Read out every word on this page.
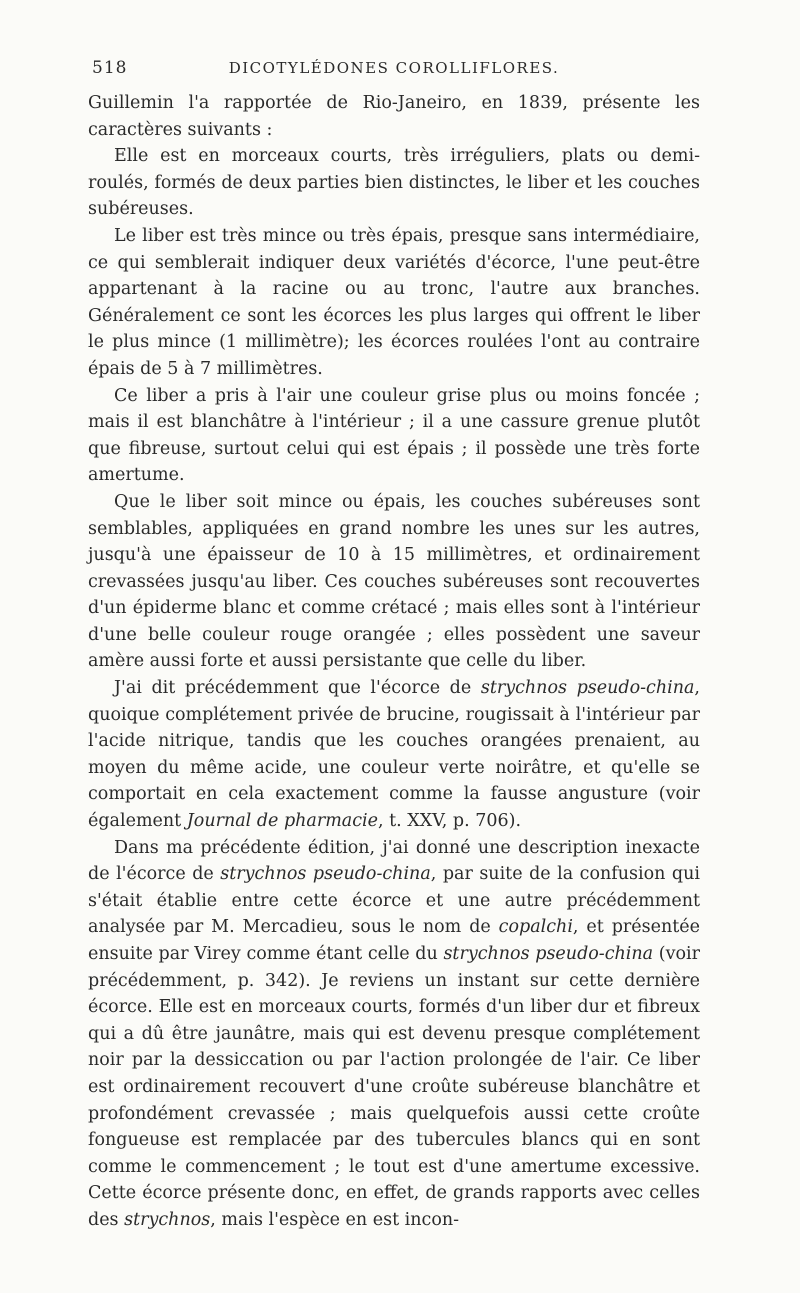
518	DICOTYLÉDONES COROLLIFLORES.

Guillemin l'a rapportée de Rio-Janeiro, en 1839, présente les caractères suivants :

Elle est en morceaux courts, très irréguliers, plats ou demi-roulés, formés de deux parties bien distinctes, le liber et les couches subéreuses.

Le liber est très mince ou très épais, presque sans intermédiaire, ce qui semblerait indiquer deux variétés d'écorce, l'une peut-être appartenant à la racine ou au tronc, l'autre aux branches. Généralement ce sont les écorces les plus larges qui offrent le liber le plus mince (1 millimètre); les écorces roulées l'ont au contraire épais de 5 à 7 millimètres.

Ce liber a pris à l'air une couleur grise plus ou moins foncée ; mais il est blanchâtre à l'intérieur ; il a une cassure grenue plutôt que fibreuse, surtout celui qui est épais ; il possède une très forte amertume.

Que le liber soit mince ou épais, les couches subéreuses sont semblables, appliquées en grand nombre les unes sur les autres, jusqu'à une épaisseur de 10 à 15 millimètres, et ordinairement crevassées jusqu'au liber. Ces couches subéreuses sont recouvertes d'un épiderme blanc et comme crétacé ; mais elles sont à l'intérieur d'une belle couleur rouge orangée ; elles possèdent une saveur amère aussi forte et aussi persistante que celle du liber.

J'ai dit précédemment que l'écorce de strychnos pseudo-china, quoique complétement privée de brucine, rougissait à l'intérieur par l'acide nitrique, tandis que les couches orangées prenaient, au moyen du même acide, une couleur verte noirâtre, et qu'elle se comportait en cela exactement comme la fausse angusture (voir également Journal de pharmacie, t. XXV, p. 706).

Dans ma précédente édition, j'ai donné une description inexacte de l'écorce de strychnos pseudo-china, par suite de la confusion qui s'était établie entre cette écorce et une autre précédemment analysée par M. Mercadieu, sous le nom de copalchi, et présentée ensuite par Virey comme étant celle du strychnos pseudo-china (voir précédemment, p. 342). Je reviens un instant sur cette dernière écorce. Elle est en morceaux courts, formés d'un liber dur et fibreux qui a dû être jaunâtre, mais qui est devenu presque complétement noir par la dessiccation ou par l'action prolongée de l'air. Ce liber est ordinairement recouvert d'une croûte subéreuse blanchâtre et profondément crevassée ; mais quelquefois aussi cette croûte fongueuse est remplacée par des tubercules blancs qui en sont comme le commencement ; le tout est d'une amertume excessive. Cette écorce présente donc, en effet, de grands rapports avec celles des strychnos, mais l'espèce en est incon-
